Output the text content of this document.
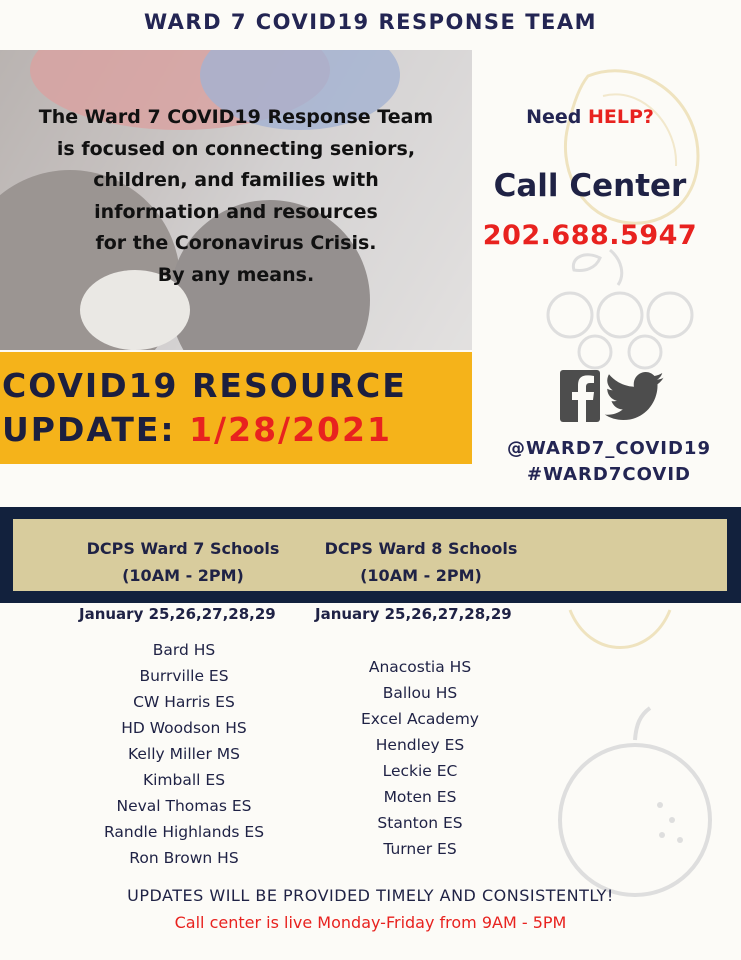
WARD 7 COVID19 RESPONSE TEAM
The Ward 7 COVID19 Response Team
is focused on connecting seniors,
children, and families with
information and resources
for the Coronavirus Crisis.
By any means.
COVID19 RESOURCE
UPDATE: 1/28/2021
Need HELP?
Call Center
202.688.5947
@WARD7_COVID19
#WARD7COVID
DCPS Ward 7 Schools
(10AM - 2PM)
DCPS Ward 8 Schools
(10AM - 2PM)
January 25,26,27,28,29	January 25,26,27,28,29
Bard HS
Burrville ES
CW Harris ES
HD Woodson HS
Kelly Miller MS
Kimball ES
Neval Thomas ES
Randle Highlands ES
Ron Brown HS
Anacostia HS
Ballou HS
Excel Academy
Hendley ES
Leckie EC
Moten ES
Stanton ES
Turner ES
UPDATES WILL BE PROVIDED TIMELY AND CONSISTENTLY!
Call center is live Monday-Friday from 9AM - 5PM
